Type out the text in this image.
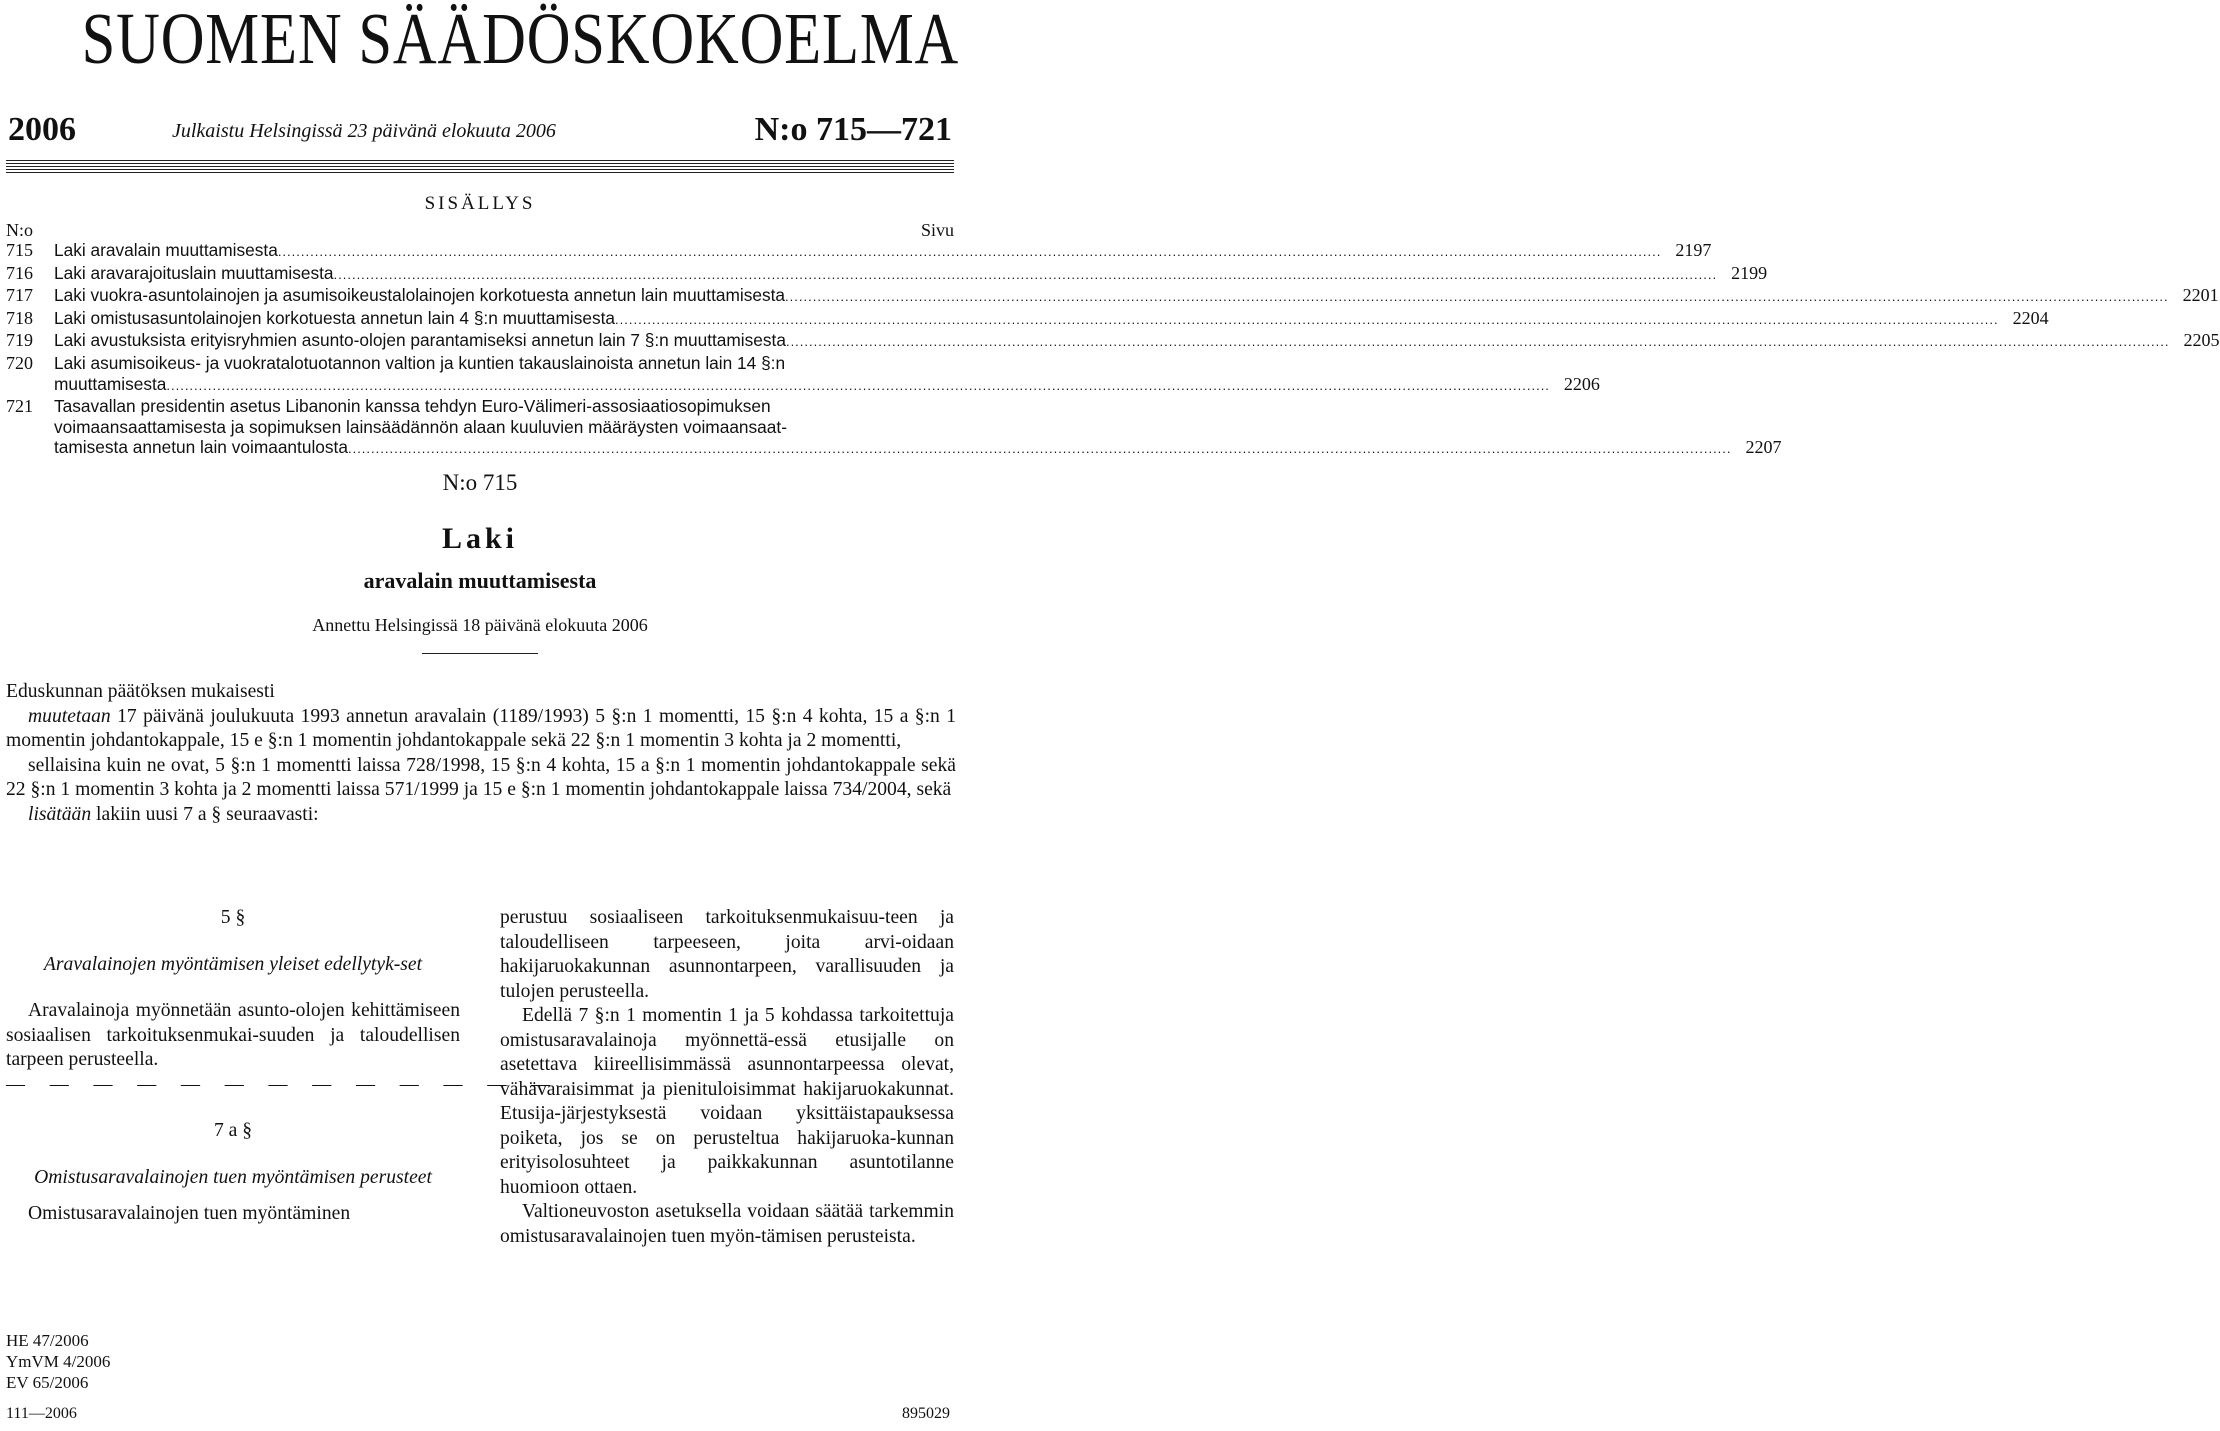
SUOMEN SÄÄDÖSKOKOELMA
2006	Julkaistu Helsingissä 23 päivänä elokuuta 2006	N:o 715—721
SISÄLLYS
N:o	Sivu
715	Laki aravalain muuttamisesta ............................................................................................................................................................................................................................................................................................................ 2197
716	Laki aravarajoituslain muuttamisesta ............................................................................................................................................................................................................................................................................................................ 2199
717	Laki vuokra-asuntolainojen ja asumisoikeustalolainojen korkotuesta annetun lain muuttamisesta ............................................................................................................................................................................................................................................................................................................ 2201
718	Laki omistusasuntolainojen korkotuesta annetun lain 4 §:n muuttamisesta ............................................................................................................................................................................................................................................................................................................ 2204
719	Laki avustuksista erityisryhmien asunto-olojen parantamiseksi annetun lain 7 §:n muuttamisesta ............................................................................................................................................................................................................................................................................................................ 2205
720	Laki asumisoikeus- ja vuokratalotuotannon valtion ja kuntien takauslainoista annetun lain 14 §:n
muuttamisesta ............................................................................................................................................................................................................................................................................................................ 2206
721	Tasavallan presidentin asetus Libanonin kanssa tehdyn Euro-Välimeri-assosiaatiosopimuksen
voimaansaattamisesta ja sopimuksen lainsäädännön alaan kuuluvien määräysten voimaansaat-
tamisesta annetun lain voimaantulosta ............................................................................................................................................................................................................................................................................................................ 2207
N:o 715
Laki
aravalain muuttamisesta
Annettu Helsingissä 18 päivänä elokuuta 2006

Eduskunnan päätöksen mukaisesti

muutetaan 17 päivänä joulukuuta 1993 annetun aravalain (1189/1993) 5 §:n 1 momentti, 15 §:n 4 kohta, 15 a §:n 1 momentin johdantokappale, 15 e §:n 1 momentin johdantokappale sekä 22 §:n 1 momentin 3 kohta ja 2 momentti,

sellaisina kuin ne ovat, 5 §:n 1 momentti laissa 728/1998, 15 §:n 4 kohta, 15 a §:n 1 momentin johdantokappale sekä 22 §:n 1 momentin 3 kohta ja 2 momentti laissa 571/1999 ja 15 e §:n 1 momentin johdantokappale laissa 734/2004, sekä

lisätään lakiin uusi 7 a § seuraavasti:

5 §

Aravalainojen myöntämisen yleiset edellytyk-set

Aravalainoja myönnetään asunto-olojen kehittämiseen sosiaalisen tarkoituksenmukai-suuden ja taloudellisen tarpeen perusteella.

— — — — — — — — — — — — —

7 a §

Omistusaravalainojen tuen myöntämisen perusteet

Omistusaravalainojen tuen myöntäminen

perustuu sosiaaliseen tarkoituksenmukaisuu-teen ja taloudelliseen tarpeeseen, joita arvi-oidaan hakijaruokakunnan asunnontarpeen, varallisuuden ja tulojen perusteella.

Edellä 7 §:n 1 momentin 1 ja 5 kohdassa tarkoitettuja omistusaravalainoja myönnettä-essä etusijalle on asetettava kiireellisimmässä asunnontarpeessa olevat, vähävaraisimmat ja pienituloisimmat hakijaruokakunnat. Etusija-järjestyksestä voidaan yksittäistapauksessa poiketa, jos se on perusteltua hakijaruoka-kunnan erityisolosuhteet ja paikkakunnan asuntotilanne huomioon ottaen.

Valtioneuvoston asetuksella voidaan säätää tarkemmin omistusaravalainojen tuen myön-tämisen perusteista.

HE 47/2006
YmVM 4/2006
EV 65/2006
111—2006	895029
